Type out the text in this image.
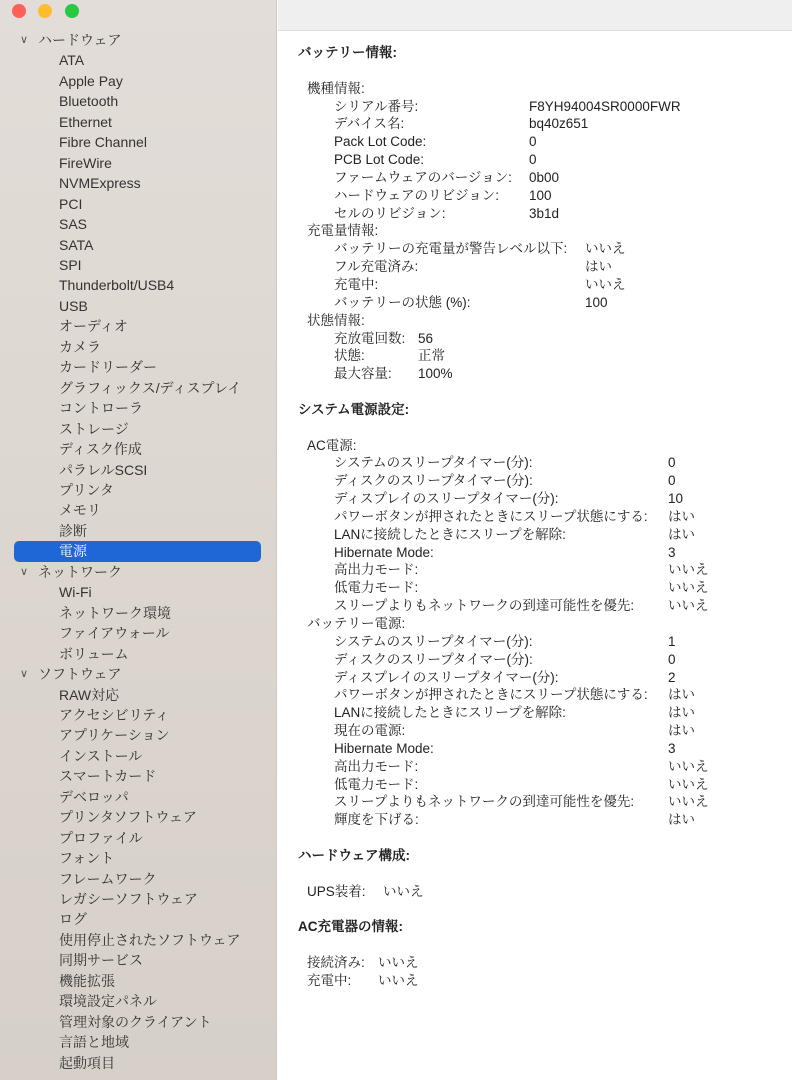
∨ ハードウェア
ATA
Apple Pay
Bluetooth
Ethernet
Fibre Channel
FireWire
NVMExpress
PCI
SAS
SATA
SPI
Thunderbolt/USB4
USB
オーディオ
カメラ
カードリーダー
グラフィックス/ディスプレイ
コントローラ
ストレージ
ディスク作成
パラレルSCSI
プリンタ
メモリ
診断
電源
∨ ネットワーク
Wi-Fi
ネットワーク環境
ファイアウォール
ボリューム
∨ ソフトウェア
RAW対応
アクセシビリティ
アプリケーション
インストール
スマートカード
デベロッパ
プリンタソフトウェア
プロファイル
フォント
フレームワーク
レガシーソフトウェア
ログ
使用停止されたソフトウェア
同期サービス
機能拡張
環境設定パネル
管理対象のクライアント
言語と地域
起動項目
バッテリー情報:
機種情報:
シリアル番号:	F8YH94004SR0000FWR
デバイス名:	bq40z651
Pack Lot Code:	0
PCB Lot Code:	0
ファームウェアのバージョン: 0b00
ハードウェアのリビジョン: 100
セルのリビジョン:	3b1d
充電量情報:
バッテリーの充電量が警告レベル以下: いいえ
フル充電済み:	はい
充電中:	いいえ
バッテリーの状態 (%):	100
状態情報:
充放電回数: 56
状態:	正常
最大容量: 100%
システム電源設定:
AC電源:
システムのスリープタイマー(分):	0
ディスクのスリープタイマー(分):	0
ディスプレイのスリープタイマー(分):	10
パワーボタンが押されたときにスリープ状態にする: はい
LANに接続したときにスリープを解除:	はい
Hibernate Mode:	3
高出力モード:	いいえ
低電力モード:	いいえ
スリープよりもネットワークの到達可能性を優先:	いいえ
バッテリー電源:
システムのスリープタイマー(分):	1
ディスクのスリープタイマー(分):	0
ディスプレイのスリープタイマー(分):	2
パワーボタンが押されたときにスリープ状態にする: はい
LANに接続したときにスリープを解除:	はい
現在の電源:	はい
Hibernate Mode:	3
高出力モード:	いいえ
低電力モード:	いいえ
スリープよりもネットワークの到達可能性を優先:	いいえ
輝度を下げる:	はい
ハードウェア構成:
UPS装着: いいえ
AC充電器の情報:
接続済み: いいえ
充電中: いいえ
